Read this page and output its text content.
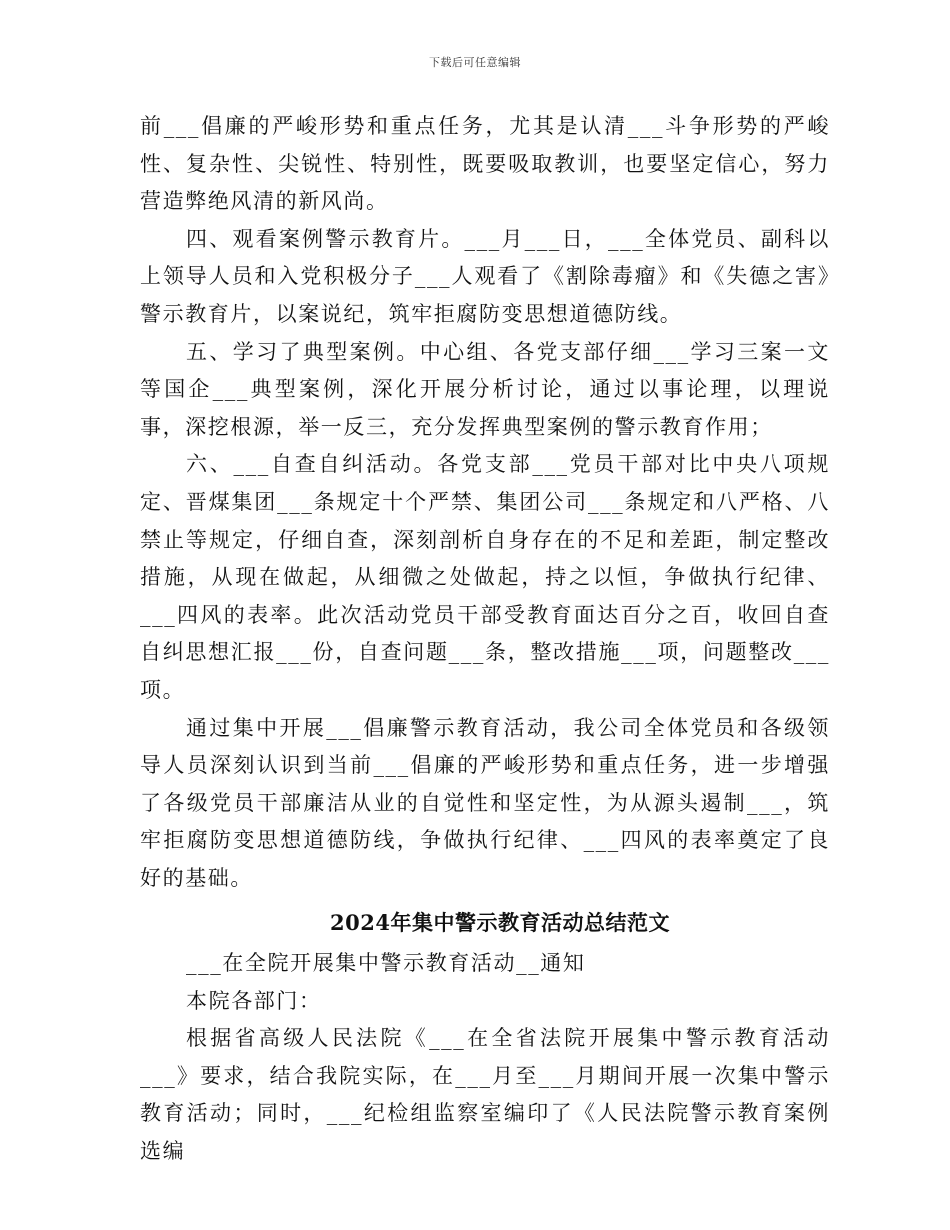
下载后可任意编辑

前___倡廉的严峻形势和重点任务，尤其是认清___斗争形势的严峻性、复杂性、尖锐性、特别性，既要吸取教训，也要坚定信心，努力营造弊绝风清的新风尚。

四、观看案例警示教育片。___月___日，___全体党员、副科以上领导人员和入党积极分子___人观看了《割除毒瘤》和《失德之害》警示教育片，以案说纪，筑牢拒腐防变思想道德防线。

五、学习了典型案例。中心组、各党支部仔细___学习三案一文等国企___典型案例，深化开展分析讨论，通过以事论理，以理说事，深挖根源，举一反三，充分发挥典型案例的警示教育作用；

六、___自查自纠活动。各党支部___党员干部对比中央八项规定、晋煤集团___条规定十个严禁、集团公司___条规定和八严格、八禁止等规定，仔细自查，深刻剖析自身存在的不足和差距，制定整改措施，从现在做起，从细微之处做起，持之以恒，争做执行纪律、___四风的表率。此次活动党员干部受教育面达百分之百，收回自查自纠思想汇报___份，自查问题___条，整改措施___项，问题整改___项。

通过集中开展___倡廉警示教育活动，我公司全体党员和各级领导人员深刻认识到当前___倡廉的严峻形势和重点任务，进一步增强了各级党员干部廉洁从业的自觉性和坚定性，为从源头遏制___，筑牢拒腐防变思想道德防线，争做执行纪律、___四风的表率奠定了良好的基础。

2024年集中警示教育活动总结范文

___在全院开展集中警示教育活动__通知

本院各部门：

根据省高级人民法院《___在全省法院开展集中警示教育活动___》要求，结合我院实际，在___月至___月期间开展一次集中警示教育活动；同时，___纪检组监察室编印了《人民法院警示教育案例选编
